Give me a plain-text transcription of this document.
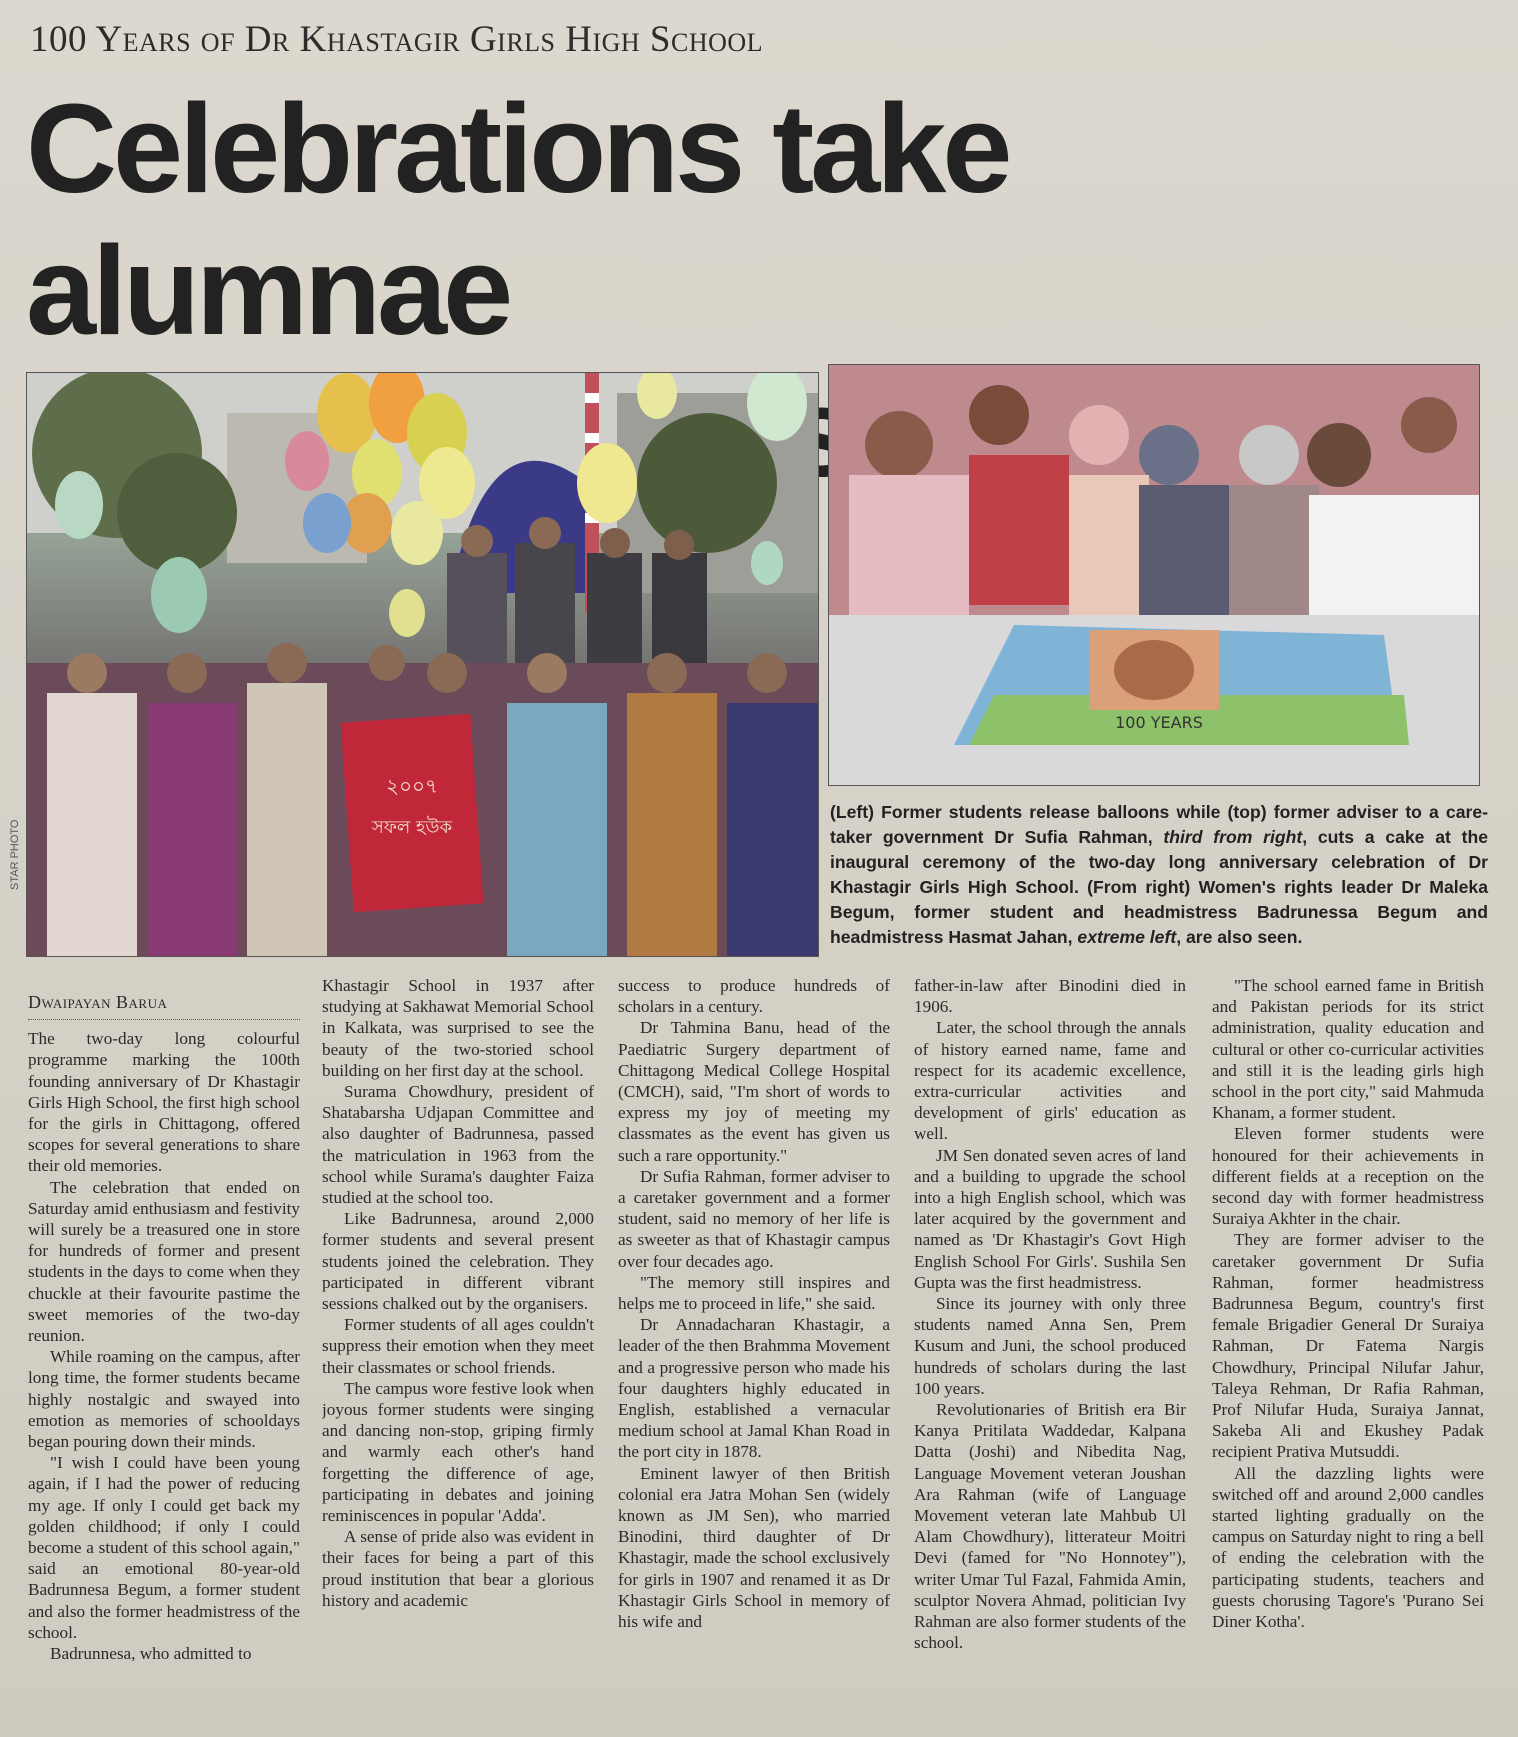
100 Years of Dr Khastagir Girls High School
Celebrations take alumnae
২০০৭
সফল হউক
STAR PHOTO
100 YEARS
(Left) Former students release balloons while (top) former adviser to a care-taker government Dr Sufia Rahman, third from right, cuts a cake at the inaugural ceremony of the two-day long anniversary celebration of Dr Khastagir Girls High School. (From right) Women's rights leader Dr Maleka Begum, former student and headmistress Badrunessa Begum and headmistress Hasmat Jahan, extreme left, are also seen.
Dwaipayan Barua

The two-day long colourful programme marking the 100th founding anniversary of Dr Khastagir Girls High School, the first high school for the girls in Chittagong, offered scopes for several generations to share their old memories.

The celebration that ended on Saturday amid enthusiasm and festivity will surely be a treasured one in store for hundreds of former and present students in the days to come when they chuckle at their favourite pastime the sweet memories of the two-day reunion.

While roaming on the campus, after long time, the former students became highly nostalgic and swayed into emotion as memories of schooldays began pouring down their minds.

"I wish I could have been young again, if I had the power of reducing my age. If only I could get back my golden childhood; if only I could become a student of this school again," said an emotional 80-year-old Badrunnesa Begum, a former student and also the former headmistress of the school.

Badrunnesa, who admitted to

Khastagir School in 1937 after studying at Sakhawat Memorial School in Kalkata, was surprised to see the beauty of the two-storied school building on her first day at the school.

Surama Chowdhury, president of Shatabarsha Udjapan Committee and also daughter of Badrunnesa, passed the matriculation in 1963 from the school while Surama's daughter Faiza studied at the school too.

Like Badrunnesa, around 2,000 former students and several present students joined the celebration. They participated in different vibrant sessions chalked out by the organisers.

Former students of all ages couldn't suppress their emotion when they meet their classmates or school friends.

The campus wore festive look when joyous former students were singing and dancing non-stop, griping firmly and warmly each other's hand forgetting the difference of age, participating in debates and joining reminiscences in popular 'Adda'.

A sense of pride also was evident in their faces for being a part of this proud institution that bear a glorious history and academic

success to produce hundreds of scholars in a century.

Dr Tahmina Banu, head of the Paediatric Surgery department of Chittagong Medical College Hospital (CMCH), said, "I'm short of words to express my joy of meeting my classmates as the event has given us such a rare opportunity."

Dr Sufia Rahman, former adviser to a caretaker government and a former student, said no memory of her life is as sweeter as that of Khastagir campus over four decades ago.

"The memory still inspires and helps me to proceed in life," she said.

Dr Annadacharan Khastagir, a leader of the then Brahmma Movement and a progressive person who made his four daughters highly educated in English, established a vernacular medium school at Jamal Khan Road in the port city in 1878.

Eminent lawyer of then British colonial era Jatra Mohan Sen (widely known as JM Sen), who married Binodini, third daughter of Dr Khastagir, made the school exclusively for girls in 1907 and renamed it as Dr Khastagir Girls School in memory of his wife and

father-in-law after Binodini died in 1906.

Later, the school through the annals of history earned name, fame and respect for its academic excellence, extra-curricular activities and development of girls' education as well.

JM Sen donated seven acres of land and a building to upgrade the school into a high English school, which was later acquired by the government and named as 'Dr Khastagir's Govt High English School For Girls'. Sushila Sen Gupta was the first headmistress.

Since its journey with only three students named Anna Sen, Prem Kusum and Juni, the school produced hundreds of scholars during the last 100 years.

Revolutionaries of British era Bir Kanya Pritilata Waddedar, Kalpana Datta (Joshi) and Nibedita Nag, Language Movement veteran Joushan Ara Rahman (wife of Language Movement veteran late Mahbub Ul Alam Chowdhury), litterateur Moitri Devi (famed for "No Honnotey"), writer Umar Tul Fazal, Fahmida Amin, sculptor Novera Ahmad, politician Ivy Rahman are also former students of the school.

"The school earned fame in British and Pakistan periods for its strict administration, quality education and cultural or other co-curricular activities and still it is the leading girls high school in the port city," said Mahmuda Khanam, a former student.

Eleven former students were honoured for their achievements in different fields at a reception on the second day with former headmistress Suraiya Akhter in the chair.

They are former adviser to the caretaker government Dr Sufia Rahman, former headmistress Badrunnesa Begum, country's first female Brigadier General Dr Suraiya Rahman, Dr Fatema Nargis Chowdhury, Principal Nilufar Jahur, Taleya Rehman, Dr Rafia Rahman, Prof Nilufar Huda, Suraiya Jannat, Sakeba Ali and Ekushey Padak recipient Prativa Mutsuddi.

All the dazzling lights were switched off and around 2,000 candles started lighting gradually on the campus on Saturday night to ring a bell of ending the celebration with the participating students, teachers and guests chorusing Tagore's 'Purano Sei Diner Kotha'.
